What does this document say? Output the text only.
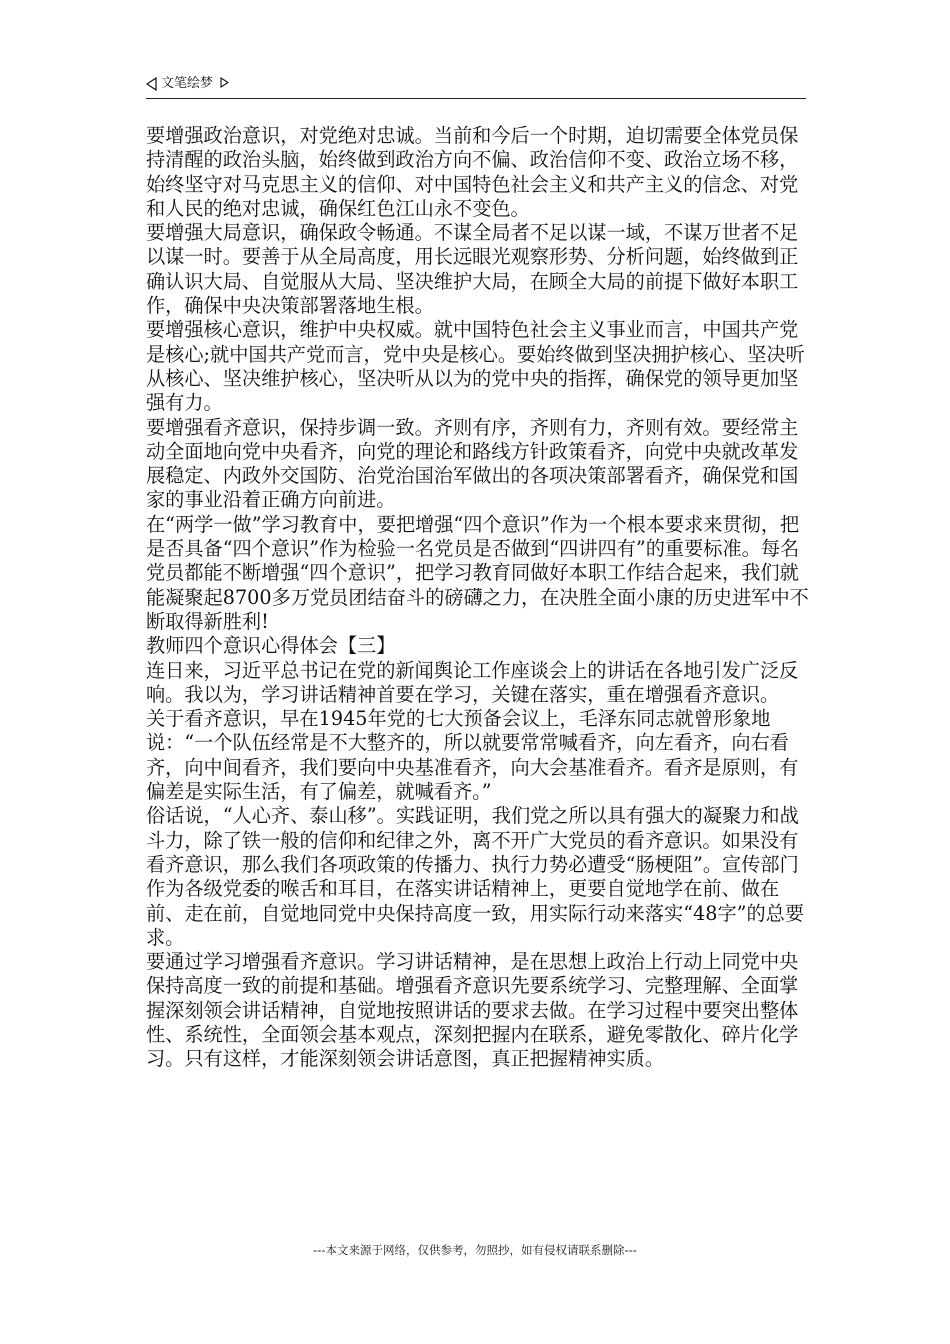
文笔绘梦

要增强政治意识，对党绝对忠诚。当前和今后一个时期，迫切需要全体党员保持清醒的政治头脑，始终做到政治方向不偏、政治信仰不变、政治立场不移，始终坚守对马克思主义的信仰、对中国特色社会主义和共产主义的信念、对党和人民的绝对忠诚，确保红色江山永不变色。

要增强大局意识，确保政令畅通。不谋全局者不足以谋一域，不谋万世者不足以谋一时。要善于从全局高度，用长远眼光观察形势、分析问题，始终做到正确认识大局、自觉服从大局、坚决维护大局，在顾全大局的前提下做好本职工作，确保中央决策部署落地生根。

要增强核心意识，维护中央权威。就中国特色社会主义事业而言，中国共产党是核心;就中国共产党而言，党中央是核心。要始终做到坚决拥护核心、坚决听从核心、坚决维护核心，坚决听从以为的党中央的指挥，确保党的领导更加坚强有力。

要增强看齐意识，保持步调一致。齐则有序，齐则有力，齐则有效。要经常主动全面地向党中央看齐，向党的理论和路线方针政策看齐，向党中央就改革发展稳定、内政外交国防、治党治国治军做出的各项决策部署看齐，确保党和国家的事业沿着正确方向前进。

在“两学一做”学习教育中，要把增强“四个意识”作为一个根本要求来贯彻，把是否具备“四个意识”作为检验一名党员是否做到“四讲四有”的重要标准。每名党员都能不断增强“四个意识”，把学习教育同做好本职工作结合起来，我们就能凝聚起8700多万党员团结奋斗的磅礴之力，在决胜全面小康的历史进军中不断取得新胜利!

教师四个意识心得体会【三】

连日来，习近平总书记在党的新闻舆论工作座谈会上的讲话在各地引发广泛反响。我以为，学习讲话精神首要在学习，关键在落实，重在增强看齐意识。

关于看齐意识，早在1945年党的七大预备会议上，毛泽东同志就曾形象地说：“一个队伍经常是不大整齐的，所以就要常常喊看齐，向左看齐，向右看齐，向中间看齐，我们要向中央基准看齐，向大会基准看齐。看齐是原则，有偏差是实际生活，有了偏差，就喊看齐。”

俗话说，“人心齐、泰山移”。实践证明，我们党之所以具有强大的凝聚力和战斗力，除了铁一般的信仰和纪律之外，离不开广大党员的看齐意识。如果没有看齐意识，那么我们各项政策的传播力、执行力势必遭受“肠梗阻”。宣传部门作为各级党委的喉舌和耳目，在落实讲话精神上，更要自觉地学在前、做在前、走在前，自觉地同党中央保持高度一致，用实际行动来落实“48字”的总要求。

要通过学习增强看齐意识。学习讲话精神，是在思想上政治上行动上同党中央保持高度一致的前提和基础。增强看齐意识先要系统学习、完整理解、全面掌握深刻领会讲话精神，自觉地按照讲话的要求去做。在学习过程中要突出整体性、系统性，全面领会基本观点，深刻把握内在联系，避免零散化、碎片化学习。只有这样，才能深刻领会讲话意图，真正把握精神实质。

---本文来源于网络，仅供参考，勿照抄，如有侵权请联系删除---
